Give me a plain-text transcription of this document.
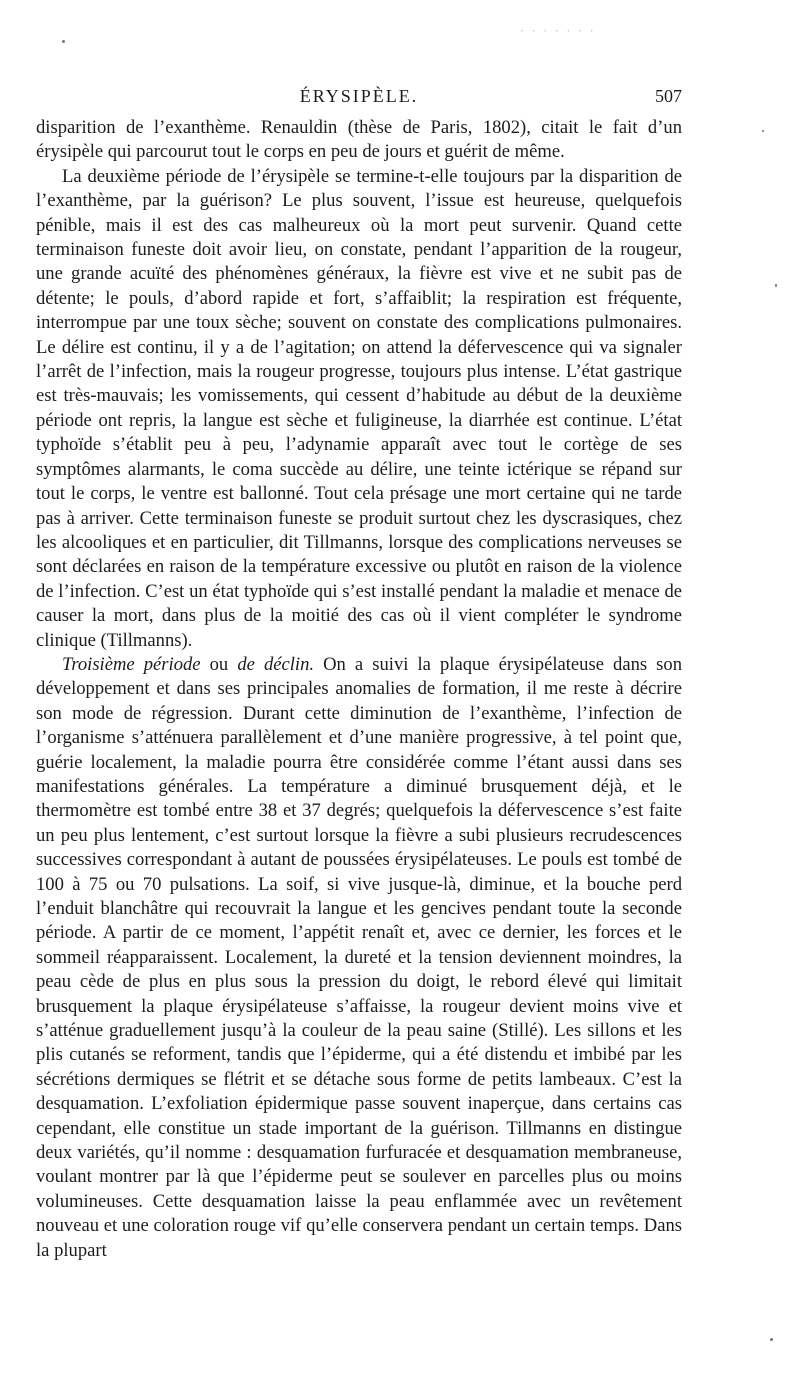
· · · · · · ·
ÉRYSIPÈLE.	507

disparition de l’exanthème. Renauldin (thèse de Paris, 1802), citait le fait d’un érysipèle qui parcourut tout le corps en peu de jours et guérit de même.

La deuxième période de l’érysipèle se termine-t-elle toujours par la disparition de l’exanthème, par la guérison? Le plus souvent, l’issue est heureuse, quelquefois pénible, mais il est des cas malheureux où la mort peut survenir. Quand cette terminaison funeste doit avoir lieu, on constate, pendant l’apparition de la rougeur, une grande acuïté des phénomènes généraux, la fièvre est vive et ne subit pas de détente; le pouls, d’abord rapide et fort, s’affaiblit; la respiration est fréquente, interrompue par une toux sèche; souvent on constate des complications pulmonaires. Le délire est continu, il y a de l’agitation; on attend la défervescence qui va signaler l’arrêt de l’infection, mais la rougeur progresse, toujours plus intense. L’état gastrique est très-mauvais; les vomissements, qui cessent d’habitude au début de la deuxième période ont repris, la langue est sèche et fuligineuse, la diarrhée est continue. L’état typhoïde s’établit peu à peu, l’adynamie apparaît avec tout le cortège de ses symptômes alarmants, le coma succède au délire, une teinte ictérique se répand sur tout le corps, le ventre est ballonné. Tout cela présage une mort certaine qui ne tarde pas à arriver. Cette terminaison funeste se produit surtout chez les dyscrasiques, chez les alcooliques et en particulier, dit Tillmanns, lorsque des complications nerveuses se sont déclarées en raison de la température excessive ou plutôt en raison de la violence de l’infection. C’est un état typhoïde qui s’est installé pendant la maladie et menace de causer la mort, dans plus de la moitié des cas où il vient compléter le syndrome clinique (Tillmanns).

Troisième période ou de déclin. On a suivi la plaque érysipélateuse dans son développement et dans ses principales anomalies de formation, il me reste à décrire son mode de régression. Durant cette diminution de l’exanthème, l’infection de l’organisme s’atténuera parallèlement et d’une manière progressive, à tel point que, guérie localement, la maladie pourra être considérée comme l’étant aussi dans ses manifestations générales. La température a diminué brusquement déjà, et le thermomètre est tombé entre 38 et 37 degrés; quelquefois la défervescence s’est faite un peu plus lentement, c’est surtout lorsque la fièvre a subi plusieurs recrudescences successives correspondant à autant de poussées érysipélateuses. Le pouls est tombé de 100 à 75 ou 70 pulsations. La soif, si vive jusque-là, diminue, et la bouche perd l’enduit blanchâtre qui recouvrait la langue et les gencives pendant toute la seconde période. A partir de ce moment, l’appétit renaît et, avec ce dernier, les forces et le sommeil réapparaissent. Localement, la dureté et la tension deviennent moindres, la peau cède de plus en plus sous la pression du doigt, le rebord élevé qui limitait brusquement la plaque érysipélateuse s’affaisse, la rougeur devient moins vive et s’atténue graduellement jusqu’à la couleur de la peau saine (Stillé). Les sillons et les plis cutanés se reforment, tandis que l’épiderme, qui a été distendu et imbibé par les sécrétions dermiques se flétrit et se détache sous forme de petits lambeaux. C’est la desquamation. L’exfoliation épidermique passe souvent inaperçue, dans certains cas cependant, elle constitue un stade important de la guérison. Tillmanns en distingue deux variétés, qu’il nomme : desquamation furfuracée et desquamation membraneuse, voulant montrer par là que l’épiderme peut se soulever en parcelles plus ou moins volumineuses. Cette desquamation laisse la peau enflammée avec un revêtement nouveau et une coloration rouge vif qu’elle conservera pendant un certain temps. Dans la plupart
